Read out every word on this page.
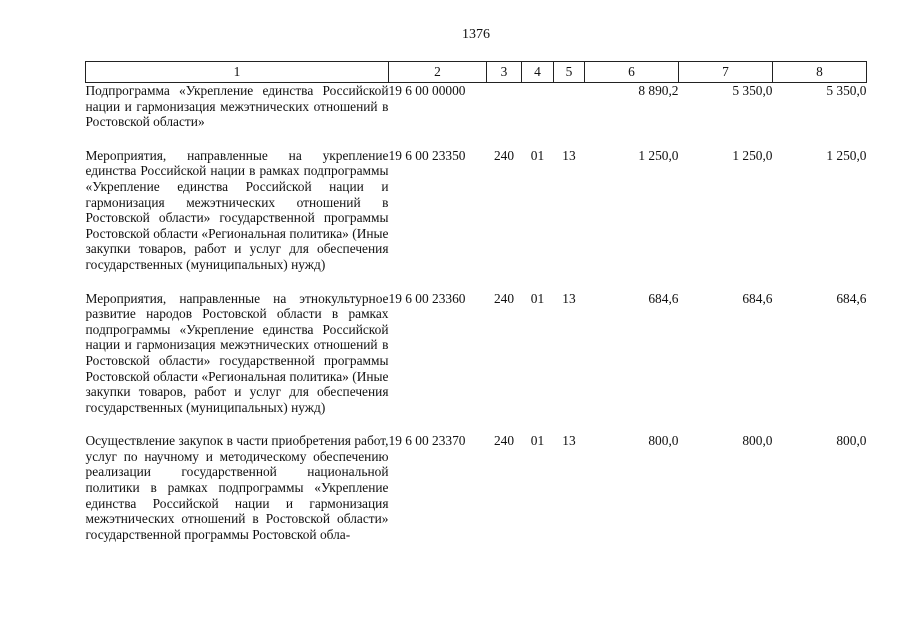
1376
1	2	3	4	5	6	7	8
Подпрограмма «Укрепление единства Российской нации и гармонизация межэтнических отношений в Ростовской области»	19 6 00 00000				8 890,2	5 350,0	5 350,0
Мероприятия, направленные на укрепление единства Российской нации в рамках подпрограммы «Укрепление единства Российской нации и гармонизация межэтнических отношений в Ростовской области» государственной программы Ростовской области «Региональная политика» (Иные закупки товаров, работ и услуг для обеспечения государственных (муниципальных) нужд)	19 6 00 23350	240	01	13	1 250,0	1 250,0	1 250,0
Мероприятия, направленные на этнокультурное развитие народов Ростовской области в рамках подпрограммы «Укрепление единства Российской нации и гармонизация межэтнических отношений в Ростовской области» государственной программы Ростовской области «Региональная политика» (Иные закупки товаров, работ и услуг для обеспечения государственных (муниципальных) нужд)	19 6 00 23360	240	01	13	684,6	684,6	684,6
Осуществление закупок в части приобретения работ, услуг по научному и методическому обеспечению реализации государственной национальной политики в рамках подпрограммы «Укрепление единства Российской нации и гармонизация межэтнических отношений в Ростовской области» государственной программы Ростовской обла-	19 6 00 23370	240	01	13	800,0	800,0	800,0
